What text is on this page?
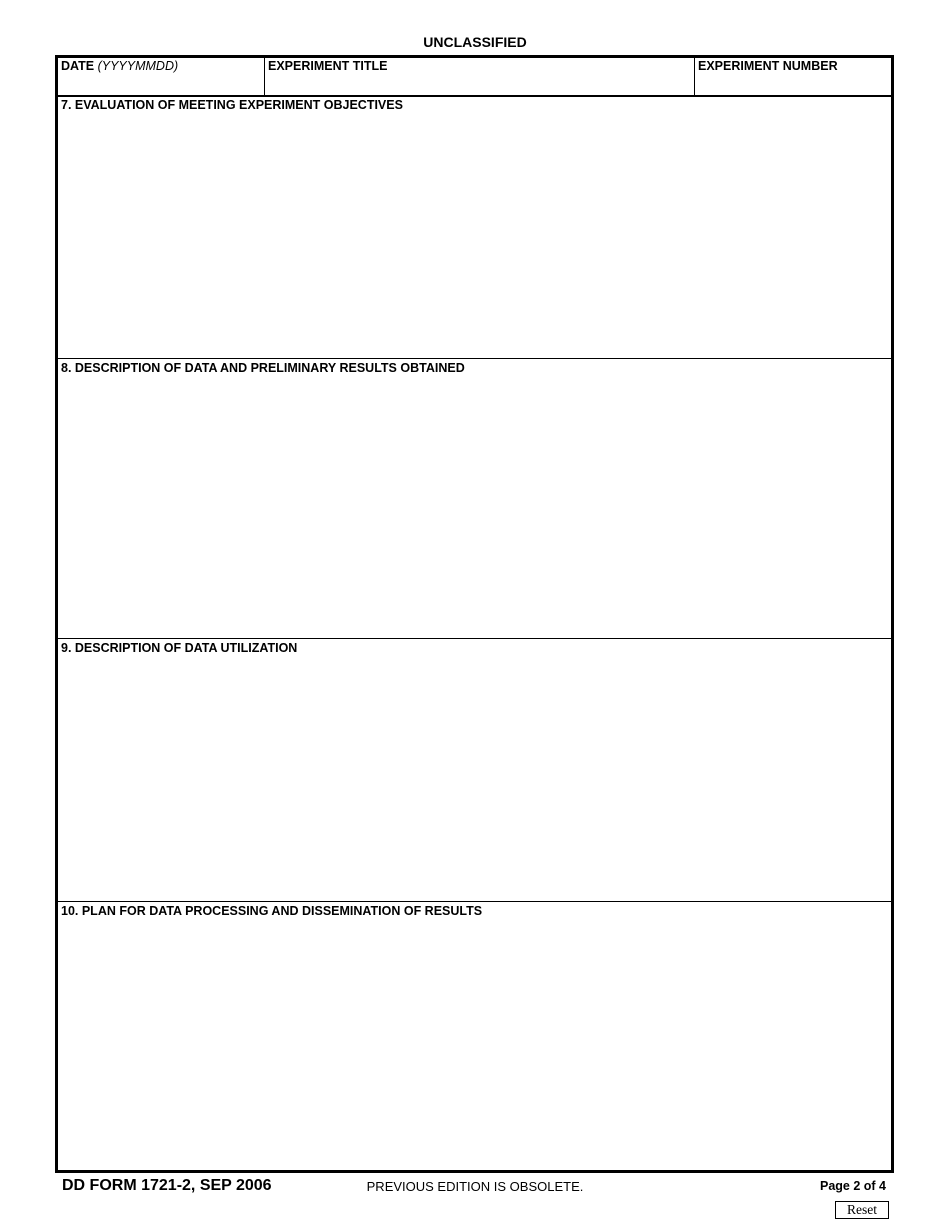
UNCLASSIFIED
DATE (YYYYMMDD)	EXPERIMENT TITLE	EXPERIMENT NUMBER
7. EVALUATION OF MEETING EXPERIMENT OBJECTIVES
8. DESCRIPTION OF DATA AND PRELIMINARY RESULTS OBTAINED
9. DESCRIPTION OF DATA UTILIZATION
10. PLAN FOR DATA PROCESSING AND DISSEMINATION OF RESULTS
DD FORM 1721-2, SEP 2006	PREVIOUS EDITION IS OBSOLETE.	Page 2 of 4
Reset
